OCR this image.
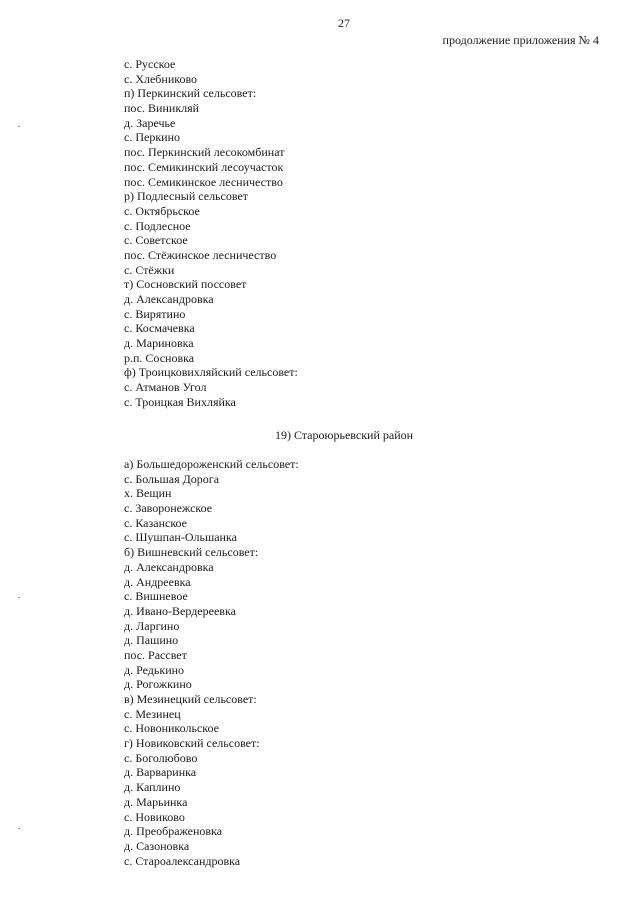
27
продолжение приложения № 4
с. Русское
с. Хлебниково
п) Перкинский сельсовет:
пос. Виникляй
д. Заречье
с. Перкино
пос. Перкинский лесокомбинат
пос. Семикинский лесоучасток
пос. Семикинское лесничество
р) Подлесный сельсовет
с. Октябрьское
с. Подлесное
с. Советское
пос. Стёжинское лесничество
с. Стёжки
т) Сосновский поссовет
д. Александровка
с. Вирятино
с. Космачевка
д. Мариновка
р.п. Сосновка
ф) Троицковихляйский сельсовет:
с. Атманов Угол
с. Троицкая Вихляйка
19) Староюрьевский район
а) Большедороженский сельсовет:
с. Большая Дорога
х. Вещин
с. Заворонежское
с. Казанское
с. Шушпан-Ольшанка
б) Вишневский сельсовет:
д. Александровка
д. Андреевка
с. Вишневое
д. Ивано-Вердереевка
д. Ларгино
д. Пашино
пос. Рассвет
д. Редькино
д. Рогожкино
в) Мезинецкий сельсовет:
с. Мезинец
с. Новоникольское
г) Новиковский сельсовет:
с. Боголюбово
д. Варваринка
д. Каплино
д. Марьинка
с. Новиково
д. Преображеновка
д. Сазоновка
с. Староалександровка
